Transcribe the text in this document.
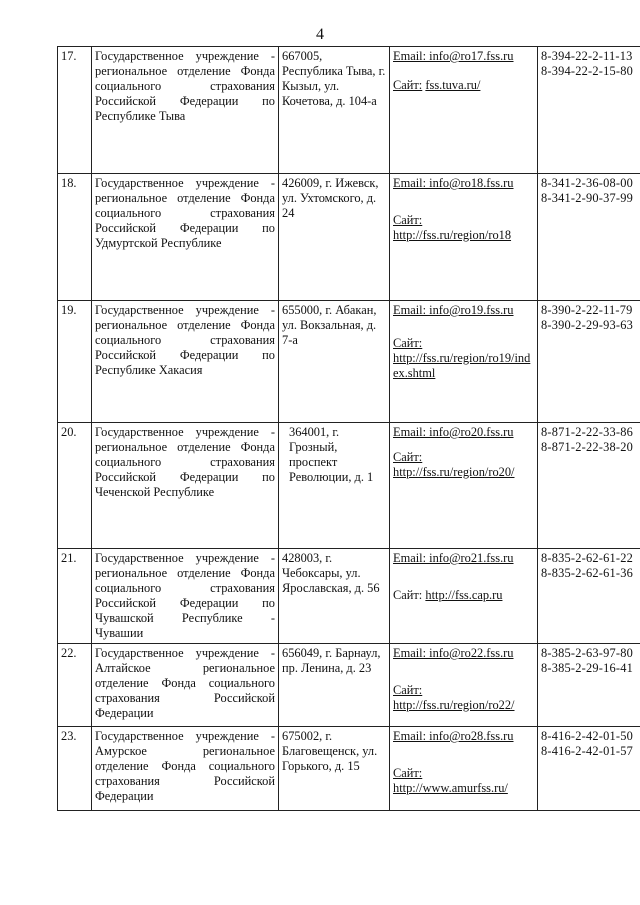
4
17.	Государственное учреждение - региональное отделение Фонда социального страхования Российской Федерации по Республике Тыва	667005, Республика Тыва, г. Кызыл, ул. Кочетова, д. 104-а	Email: info@ro17.fss.ru
Сайт: fss.tuva.ru/	8-394-22-2-11-13
8-394-22-2-15-80

18.	Государственное учреждение - региональное отделение Фонда социального страхования Российской Федерации по Удмуртской Республике	426009, г. Ижевск, ул. Ухтомского, д. 24	Email: info@ro18.fss.ru
Сайт:
http://fss.ru/region/ro18	8-341-2-36-08-00
8-341-2-90-37-99

19.	Государственное учреждение - региональное отделение Фонда социального страхования Российской Федерации по Республике Хакасия	655000, г. Абакан, ул. Вокзальная, д. 7-а	Email: info@ro19.fss.ru
Сайт:
http://fss.ru/region/ro19/index.shtml	8-390-2-22-11-79
8-390-2-29-93-63

20.	Государственное учреждение - региональное отделение Фонда социального страхования Российской Федерации по Чеченской Республике	364001, г. Грозный, проспект Революции, д. 1	Email: info@ro20.fss.ru
Сайт:
http://fss.ru/region/ro20/	8-871-2-22-33-86
8-871-2-22-38-20

21.	Государственное учреждение - региональное отделение Фонда социального страхования Российской Федерации по Чувашской Республике - Чувашии	428003, г. Чебоксары, ул. Ярославская, д. 56	Email: info@ro21.fss.ru
Сайт: http://fss.cap.ru	8-835-2-62-61-22
8-835-2-62-61-36

22.	Государственное учреждение - Алтайское региональное отделение Фонда социального страхования Российской Федерации	656049, г. Барнаул, пр. Ленина, д. 23	Email: info@ro22.fss.ru
Сайт:
http://fss.ru/region/ro22/	8-385-2-63-97-80
8-385-2-29-16-41

23.	Государственное учреждение - Амурское региональное отделение Фонда социального страхования Российской Федерации	675002, г. Благовещенск, ул. Горького, д. 15	Email: info@ro28.fss.ru
Сайт:
http://www.amurfss.ru/	8-416-2-42-01-50
8-416-2-42-01-57
